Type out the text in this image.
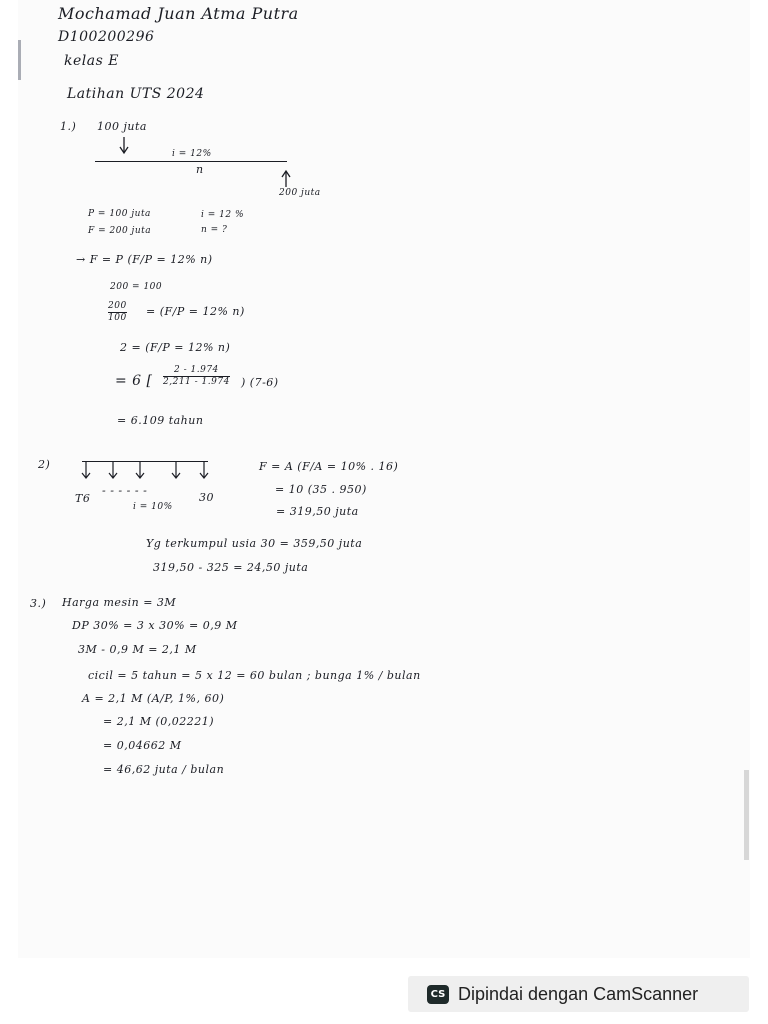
Mochamad Juan Atma Putra
D100200296
kelas E
Latihan UTS 2024
1.) 100 juta
i = 12%
n
200 juta
P = 100 juta
F = 200 juta
i = 12 %
n = ?
→ F = P (F/P = 12% n)
200 = 100
200
100 = (F/P = 12% n)
2 = (F/P = 12% n)
= 6 [
2 - 1.974
2,211 - 1.974 ) (7-6)
= 6.109 tahun
2)
T6
- - - - - -
30
i = 10%
F = A (F/A = 10% . 16)
= 10 (35 . 950)
= 319,50 juta
Yg terkumpul usia 30 = 359,50 juta
319,50 - 325 = 24,50 juta
3.) Harga mesin = 3M
DP 30% = 3 x 30% = 0,9 M
3M - 0,9 M = 2,1 M
cicil = 5 tahun = 5 x 12 = 60 bulan ; bunga 1% / bulan
A = 2,1 M (A/P, 1%, 60)
= 2,1 M (0,02221)
= 0,04662 M
= 46,62 juta / bulan
CS Dipindai dengan CamScanner
